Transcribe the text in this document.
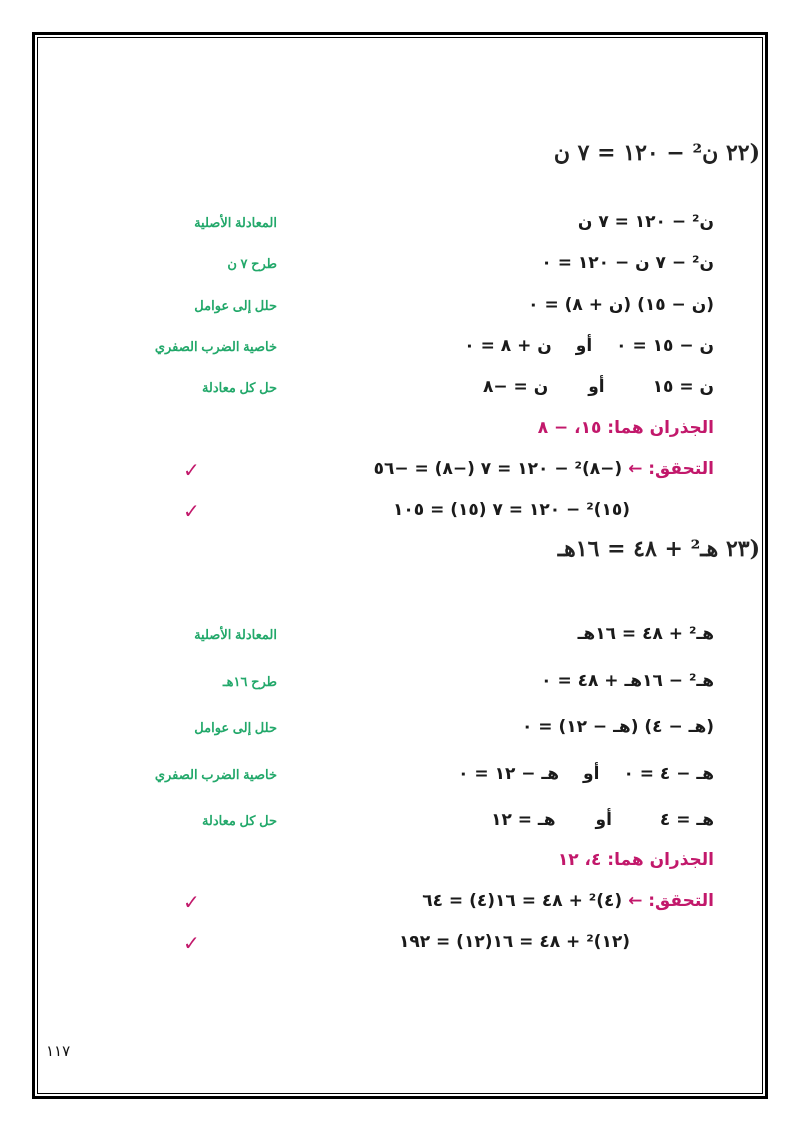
(٢٢ ن² − ١٢٠ = ٧ ن
ن² − ١٢٠ = ٧ ن
المعادلة الأصلية
ن² − ٧ ن − ١٢٠ = ٠
طرح ٧ ن
(ن − ١٥) (ن + ٨) = ٠
حلل إلى عوامل
ن − ١٥ = ٠أون + ٨ = ٠
خاصية الضرب الصفري
ن = ١٥أون = −٨
حل كل معادلة
الجذران هما: ١٥، − ٨
التحقق: ← (−٨)² − ١٢٠ = ٧ (−٨) = −٥٦
✓
(١٥)² − ١٢٠ = ٧ (١٥) = ١٠٥
✓
(٢٣ هـ² + ٤٨ = ١٦هـ
هـ² + ٤٨ = ١٦هـ
المعادلة الأصلية
هـ² − ١٦هـ + ٤٨ = ٠
طرح ١٦هـ
(هـ − ٤) (هـ − ١٢) = ٠
حلل إلى عوامل
هـ − ٤ = ٠أوهـ − ١٢ = ٠
خاصية الضرب الصفري
هـ = ٤أوهـ = ١٢
حل كل معادلة
الجذران هما: ٤، ١٢
التحقق: ← (٤)² + ٤٨ = ١٦(٤) = ٦٤
✓
(١٢)² + ٤٨ = ١٦(١٢) = ١٩٢
✓
١١٧
